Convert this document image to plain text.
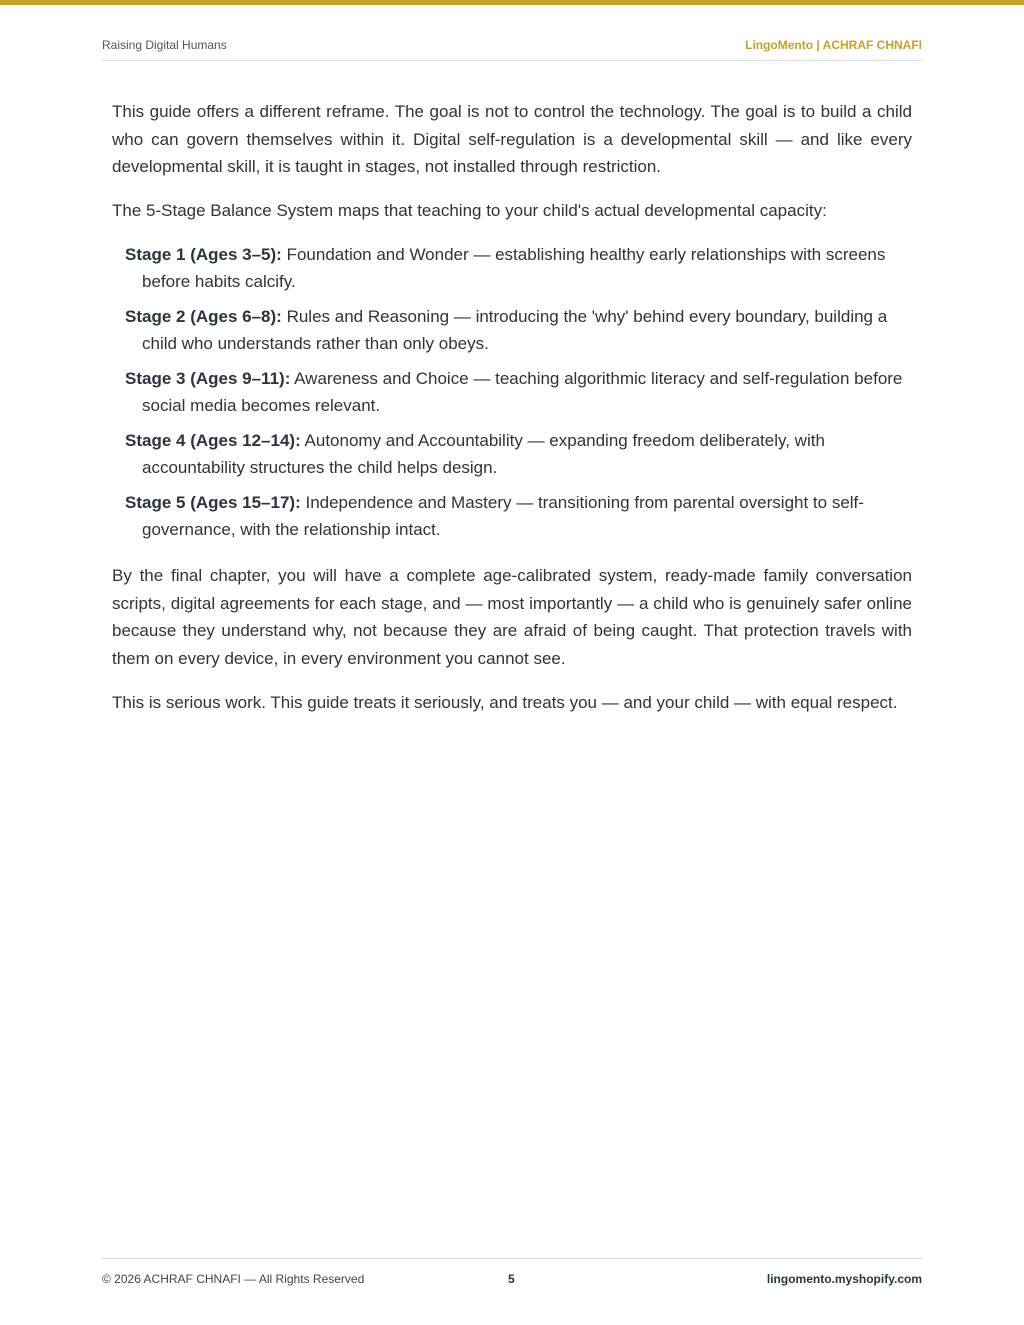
Raising Digital Humans	LingoMento | ACHRAF CHNAFI

This guide offers a different reframe. The goal is not to control the technology. The goal is to build a child who can govern themselves within it. Digital self-regulation is a developmental skill — and like every developmental skill, it is taught in stages, not installed through restriction.

The 5-Stage Balance System maps that teaching to your child's actual developmental capacity:

Stage 1 (Ages 3–5): Foundation and Wonder — establishing healthy early relationships with screens before habits calcify.
Stage 2 (Ages 6–8): Rules and Reasoning — introducing the 'why' behind every boundary, building a child who understands rather than only obeys.
Stage 3 (Ages 9–11): Awareness and Choice — teaching algorithmic literacy and self-regulation before social media becomes relevant.
Stage 4 (Ages 12–14): Autonomy and Accountability — expanding freedom deliberately, with accountability structures the child helps design.
Stage 5 (Ages 15–17): Independence and Mastery — transitioning from parental oversight to self-governance, with the relationship intact.

By the final chapter, you will have a complete age-calibrated system, ready-made family conversation scripts, digital agreements for each stage, and — most importantly — a child who is genuinely safer online because they understand why, not because they are afraid of being caught. That protection travels with them on every device, in every environment you cannot see.

This is serious work. This guide treats it seriously, and treats you — and your child — with equal respect.

© 2026 ACHRAF CHNAFI — All Rights Reserved	5	lingomento.myshopify.com
